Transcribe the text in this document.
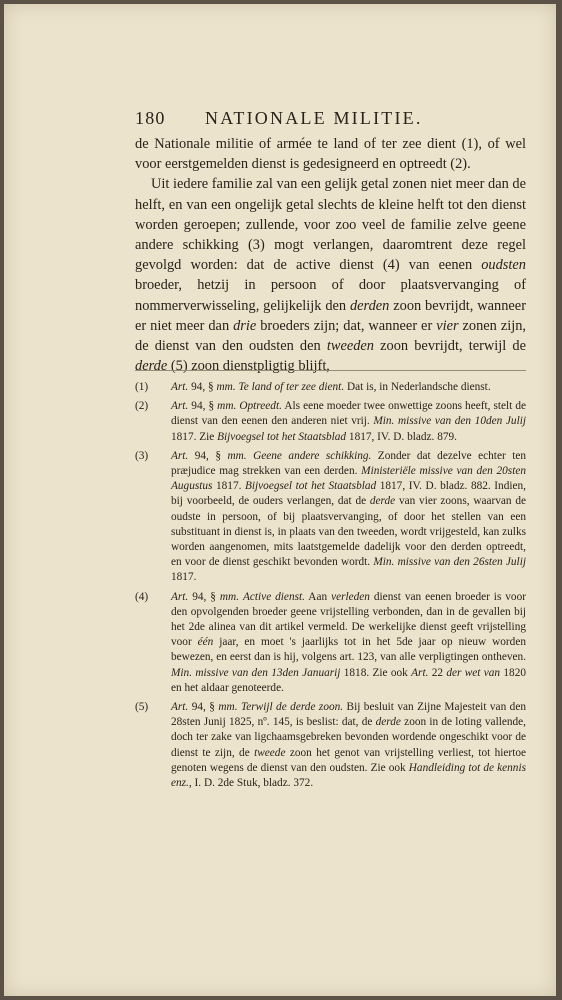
180 NATIONALE MILITIE.

de Nationale militie of armée te land of ter zee dient (1), of wel voor eerstgemelden dienst is gedesigneerd en optreedt (2).

Uit iedere familie zal van een gelijk getal zonen niet meer dan de helft, en van een ongelijk getal slechts de kleine helft tot den dienst worden geroepen; zullende, voor zoo veel de familie zelve geene andere schikking (3) mogt verlangen, daaromtrent deze regel gevolgd worden: dat de active dienst (4) van eenen oudsten broeder, hetzij in persoon of door plaatsvervanging of nommerverwisseling, gelijkelijk den derden zoon bevrijdt, wanneer er niet meer dan drie broeders zijn; dat, wanneer er vier zonen zijn, de dienst van den oudsten den tweeden zoon bevrijdt, terwijl de derde (5) zoon dienstpligtig blijft,

(1) Art. 94, § mm. Te land of ter zee dient. Dat is, in Nederlandsche dienst.
(2) Art. 94, § mm. Optreedt. Als eene moeder twee onwettige zoons heeft, stelt de dienst van den eenen den anderen niet vrij. Min. missive van den 10den Julij 1817. Zie Bijvoegsel tot het Staatsblad 1817, IV. D. bladz. 879.
(3) Art. 94, § mm. Geene andere schikking. Zonder dat dezelve echter ten præjudice mag strekken van een derden. Ministeriële missive van den 20sten Augustus 1817. Bijvoegsel tot het Staatsblad 1817, IV. D. bladz. 882. Indien, bij voorbeeld, de ouders verlangen, dat de derde van vier zoons, waarvan de oudste in persoon, of bij plaatsvervanging, of door het stellen van een substituant in dienst is, in plaats van den tweeden, wordt vrijgesteld, kan zulks worden aangenomen, mits laatstgemelde dadelijk voor den derden optreedt, en voor de dienst geschikt bevonden wordt. Min. missive van den 26sten Julij 1817.
(4) Art. 94, § mm. Active dienst. Aan verleden dienst van eenen broeder is voor den opvolgenden broeder geene vrijstelling verbonden, dan in de gevallen bij het 2de alinea van dit artikel vermeld. De werkelijke dienst geeft vrijstelling voor één jaar, en moet 's jaarlijks tot in het 5de jaar op nieuw worden bewezen, en eerst dan is hij, volgens art. 123, van alle verpligtingen ontheven. Min. missive van den 13den Januarij 1818. Zie ook Art. 22 der wet van 1820 en het aldaar genoteerde.
(5) Art. 94, § mm. Terwijl de derde zoon. Bij besluit van Zijne Majesteit van den 28sten Junij 1825, nº. 145, is beslist: dat, de derde zoon in de loting vallende, doch ter zake van ligchaamsgebreken bevonden wordende ongeschikt voor de dienst te zijn, de tweede zoon het genot van vrijstelling verliest, tot hiertoe genoten wegens de dienst van den oudsten. Zie ook Handleiding tot de kennis enz., I. D. 2de Stuk, bladz. 372.
